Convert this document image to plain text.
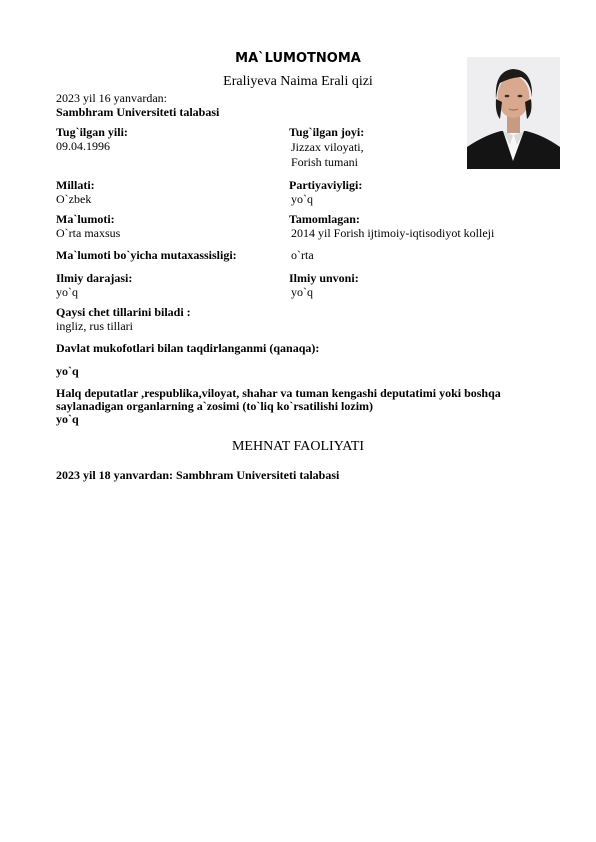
MA`LUMOTNOMA
Eraliyeva Naima Erali qizi
2023 yil 16 yanvardan:
Sambhram Universiteti talabasi
Tug`ilgan yili:
09.04.1996
Tug`ilgan joyi:
Jizzax viloyati,
Forish tumani
Millati:
O`zbek
Partiyaviyligi:
yo`q
Ma`lumoti:
O`rta maxsus
Tamomlagan:
2014 yil Forish ijtimoiy-iqtisodiyot kolleji
Ma`lumoti bo`yicha mutaxassisligi:	o`rta
Ilmiy darajasi:
yo`q
Ilmiy unvoni:
yo`q
Qaysi chet tillarini biladi :
ingliz, rus tillari
Davlat mukofotlari bilan taqdirlanganmi (qanaqa):
yo`q
Halq deputatlar ,respublika,viloyat, shahar va tuman kengashi deputatimi yoki boshqa
saylanadigan organlarning a`zosimi (to`liq ko`rsatilishi lozim)
yo`q
MEHNAT FAOLIYATI
2023 yil 18 yanvardan: Sambhram Universiteti talabasi
